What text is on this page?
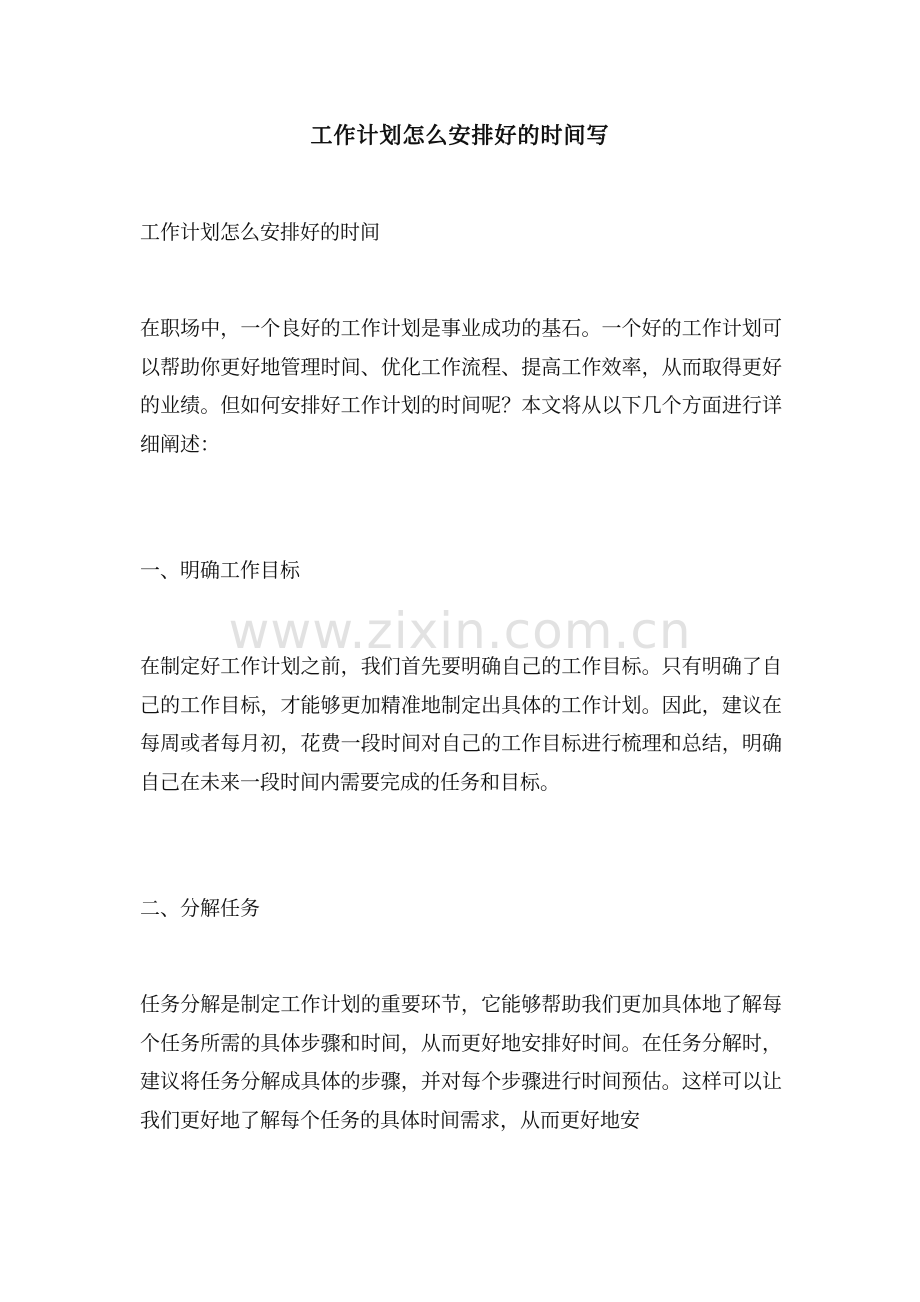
工作计划怎么安排好的时间写
工作计划怎么安排好的时间
在职场中，一个良好的工作计划是事业成功的基石。一个好的工作计划可以帮助你更好地管理时间、优化工作流程、提高工作效率，从而取得更好的业绩。但如何安排好工作计划的时间呢？本文将从以下几个方面进行详细阐述：
一、明确工作目标
在制定好工作计划之前，我们首先要明确自己的工作目标。只有明确了自己的工作目标，才能够更加精准地制定出具体的工作计划。因此，建议在每周或者每月初，花费一段时间对自己的工作目标进行梳理和总结，明确自己在未来一段时间内需要完成的任务和目标。
二、分解任务
任务分解是制定工作计划的重要环节，它能够帮助我们更加具体地了解每个任务所需的具体步骤和时间，从而更好地安排好时间。在任务分解时，建议将任务分解成具体的步骤，并对每个步骤进行时间预估。这样可以让我们更好地了解每个任务的具体时间需求，从而更好地安
www.zixin.com.cn
